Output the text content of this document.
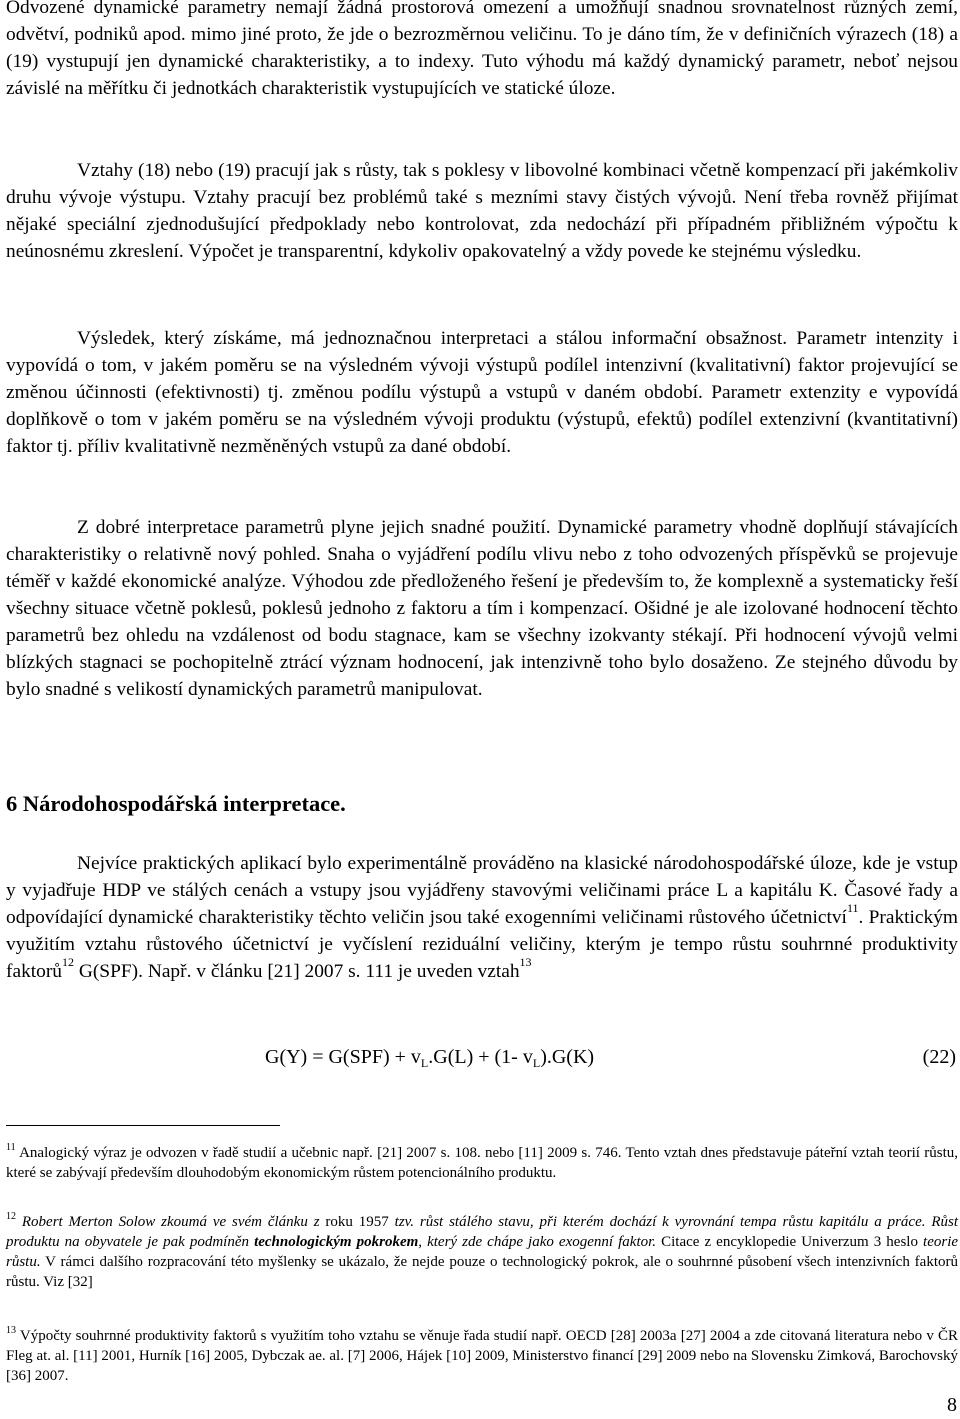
Odvozené dynamické parametry nemají žádná prostorová omezení a umožňují snadnou srovnatelnost různých zemí, odvětví, podniků apod. mimo jiné proto, že jde o bezrozměrnou veličinu. To je dáno tím, že v definičních výrazech (18) a (19) vystupují jen dynamické charakteristiky, a to indexy. Tuto výhodu má každý dynamický parametr, neboť nejsou závislé na měřítku či jednotkách charakteristik vystupujících ve statické úloze.

Vztahy (18) nebo (19) pracují jak s růsty, tak s poklesy v libovolné kombinaci včetně kompenzací při jakémkoliv druhu vývoje výstupu. Vztahy pracují bez problémů také s mezními stavy čistých vývojů. Není třeba rovněž přijímat nějaké speciální zjednodušující předpoklady nebo kontrolovat, zda nedochází při případném přibližném výpočtu k neúnosnému zkreslení. Výpočet je transparentní, kdykoliv opakovatelný a vždy povede ke stejnému výsledku.

Výsledek, který získáme, má jednoznačnou interpretaci a stálou informační obsažnost. Parametr intenzity i vypovídá o tom, v jakém poměru se na výsledném vývoji výstupů podílel intenzivní (kvalitativní) faktor projevující se změnou účinnosti (efektivnosti) tj. změnou podílu výstupů a vstupů v daném období. Parametr extenzity e vypovídá doplňkově o tom v jakém poměru se na výsledném vývoji produktu (výstupů, efektů) podílel extenzivní (kvantitativní) faktor tj. příliv kvalitativně nezměněných vstupů za dané období.

Z dobré interpretace parametrů plyne jejich snadné použití. Dynamické parametry vhodně doplňují stávajících charakteristiky o relativně nový pohled. Snaha o vyjádření podílu vlivu nebo z toho odvozených příspěvků se projevuje téměř v každé ekonomické analýze. Výhodou zde předloženého řešení je především to, že komplexně a systematicky řeší všechny situace včetně poklesů, poklesů jednoho z faktoru a tím i kompenzací. Ošidné je ale izolované hodnocení těchto parametrů bez ohledu na vzdálenost od bodu stagnace, kam se všechny izokvanty stékají. Při hodnocení vývojů velmi blízkých stagnaci se pochopitelně ztrácí význam hodnocení, jak intenzivně toho bylo dosaženo. Ze stejného důvodu by bylo snadné s velikostí dynamických parametrů manipulovat.

6 Národohospodářská interpretace.

Nejvíce praktických aplikací bylo experimentálně prováděno na klasické národohospodářské úloze, kde je vstup y vyjadřuje HDP ve stálých cenách a vstupy jsou vyjádřeny stavovými veličinami práce L a kapitálu K. Časové řady a odpovídající dynamické charakteristiky těchto veličin jsou také exogenními veličinami růstového účetnictví$^{11}$. Praktickým využitím vztahu růstového účetnictví je vyčíslení reziduální veličiny, kterým je tempo růstu souhrnné produktivity faktorů$^{12}$ G(SPF). Např. v článku [21] 2007 s. 111 je uveden vztah$^{13}$

$G(Y) = G(SPF) + v_L.G(L) + (1-$ $v_L).G(K)$	(22)

$^{11}$ Analogický výraz je odvozen v řadě studií a učebnic např. [21] 2007 s. 108. nebo [11] 2009 s. 746. Tento vztah dnes představuje páteřní vztah teorií růstu, které se zabývají především dlouhodobým ekonomickým růstem potencionálního produktu.

$^{12}$ Robert Merton Solow zkoumá ve svém článku z roku 1957 tzv. růst stálého stavu, při kterém dochází k vyrovnání tempa růstu kapitálu a práce. Růst produktu na obyvatele je pak podmíněn technologickým pokrokem, který zde chápe jako exogenní faktor. Citace z encyklopedie Univerzum 3 heslo teorie růstu. V rámci dalšího rozpracování této myšlenky se ukázalo, že nejde pouze o technologický pokrok, ale o souhrnné působení všech intenzivních faktorů růstu. Viz [32]

$^{13}$ Výpočty souhrnné produktivity faktorů s využitím toho vztahu se věnuje řada studií např. OECD [28] 2003a [27] 2004 a zde citovaná literatura nebo v ČR Fleg at. al. [11] 2001, Hurník [16] 2005, Dybczak ae. al. [7] 2006, Hájek [10] 2009, Ministerstvo financí [29] 2009 nebo na Slovensku Zimková, Barochovský [36] 2007.

8
